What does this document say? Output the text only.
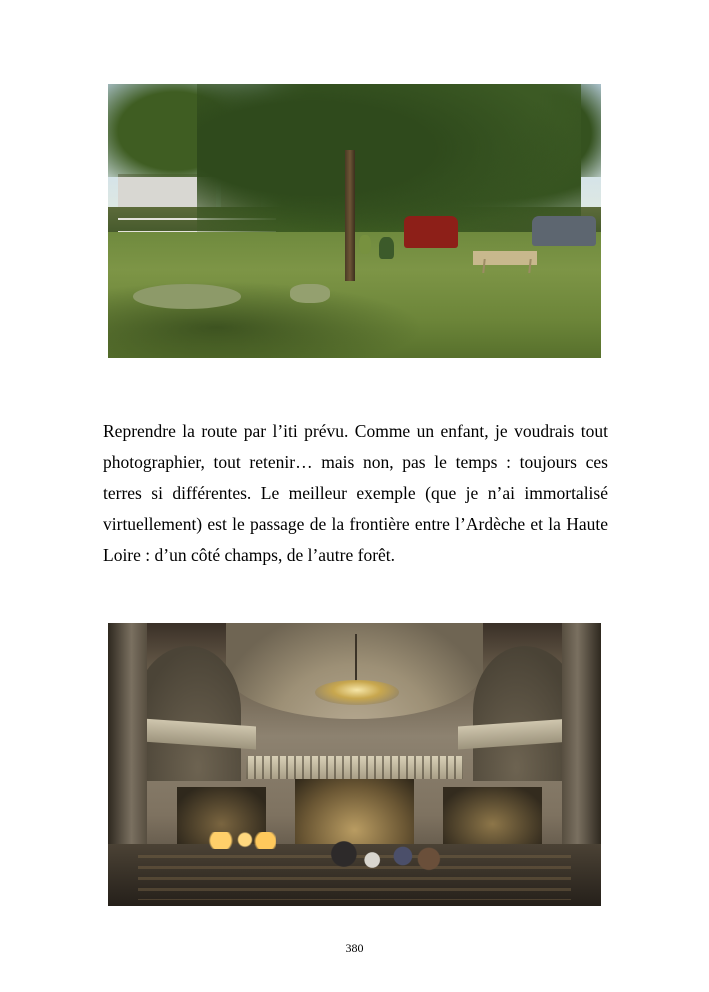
Reprendre la route par l’iti prévu. Comme un enfant, je voudrais tout photographier, tout retenir… mais non, pas le temps : toujours ces terres si différentes. Le meilleur exemple (que je n’ai immortalisé virtuellement) est le passage de la frontière entre l’Ardèche et la Haute Loire : d’un côté champs, de l’autre forêt.

380
